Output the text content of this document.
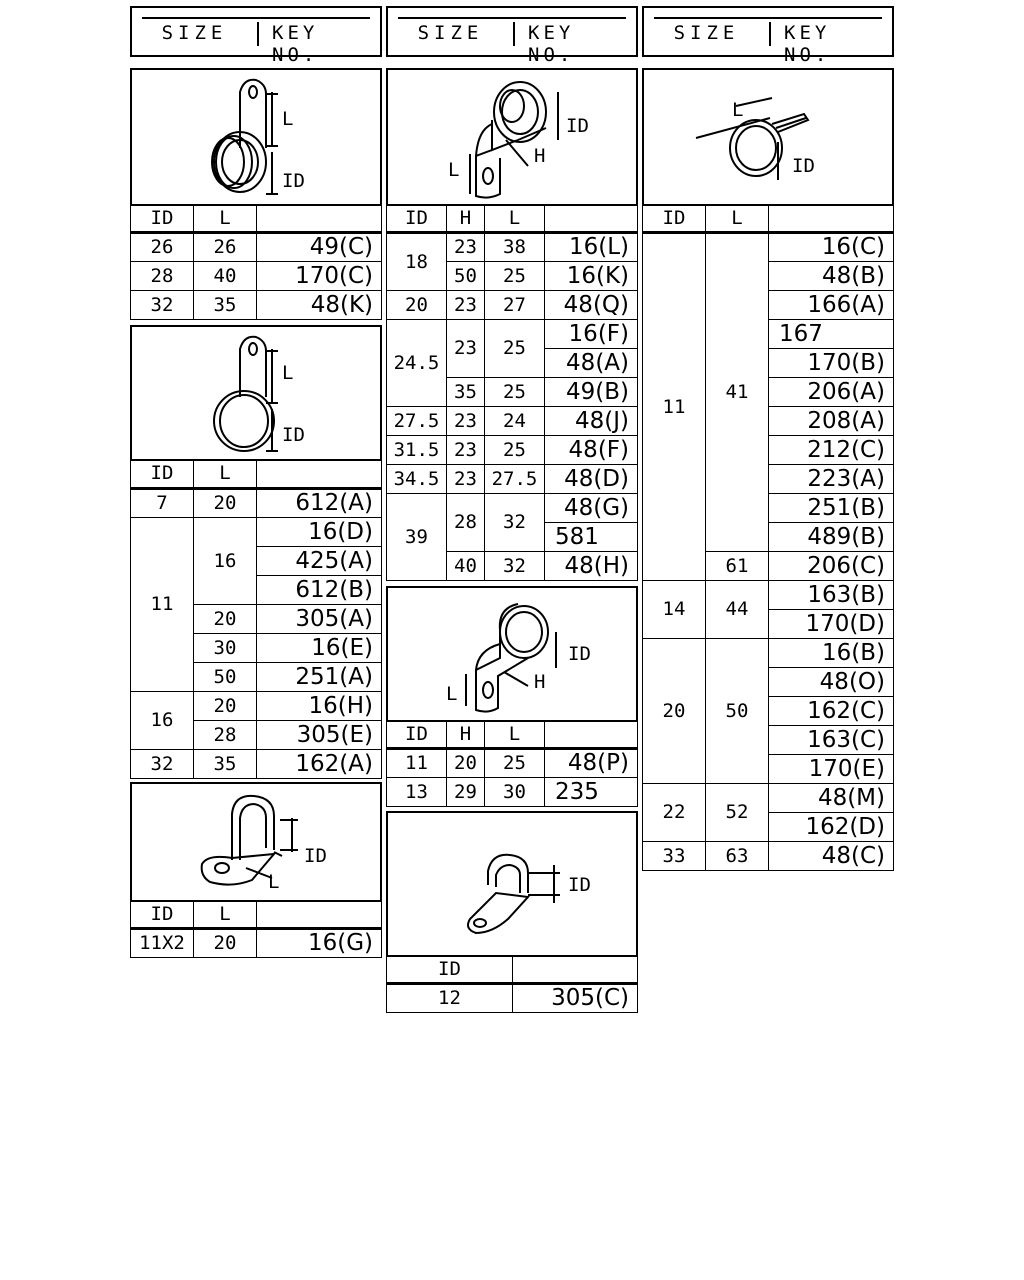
SIZE	KEY NO.
SIZE	KEY NO.
SIZE	KEY NO.
L
ID
ID	L	
26	26	49(C)
28	40	170(C)
32	35	48(K)
L
ID
ID	L	
7	20	612(A)
11	16	16(D)
		425(A)
		612(B)
	20	305(A)
	30	16(E)
	50	251(A)
16	20	16(H)
	28	305(E)
32	35	162(A)
ID
L
ID	L	
11X2	20	16(G)
ID
H
L
ID	H	L	
18	23	38	16(L)
	50	25	16(K)
20	23	27	48(Q)
24.5	23	25	16(F)
			48(A)
	35	25	49(B)
27.5	23	24	48(J)
31.5	23	25	48(F)
34.5	23	27.5	48(D)
39	28	32	48(G)
			581
	40	32	48(H)
ID
H
L
ID	H	L	
11	20	25	48(P)
13	29	30	235
ID
ID	
12	305(C)
L
ID
ID	L	
11	41	16(C)
		48(B)
		166(A)
		167
		170(B)
		206(A)
		208(A)
		212(C)
		223(A)
		251(B)
		489(B)
	61	206(C)
14	44	163(B)
		170(D)
20	50	16(B)
		48(O)
		162(C)
		163(C)
		170(E)
22	52	48(M)
		162(D)
33	63	48(C)
